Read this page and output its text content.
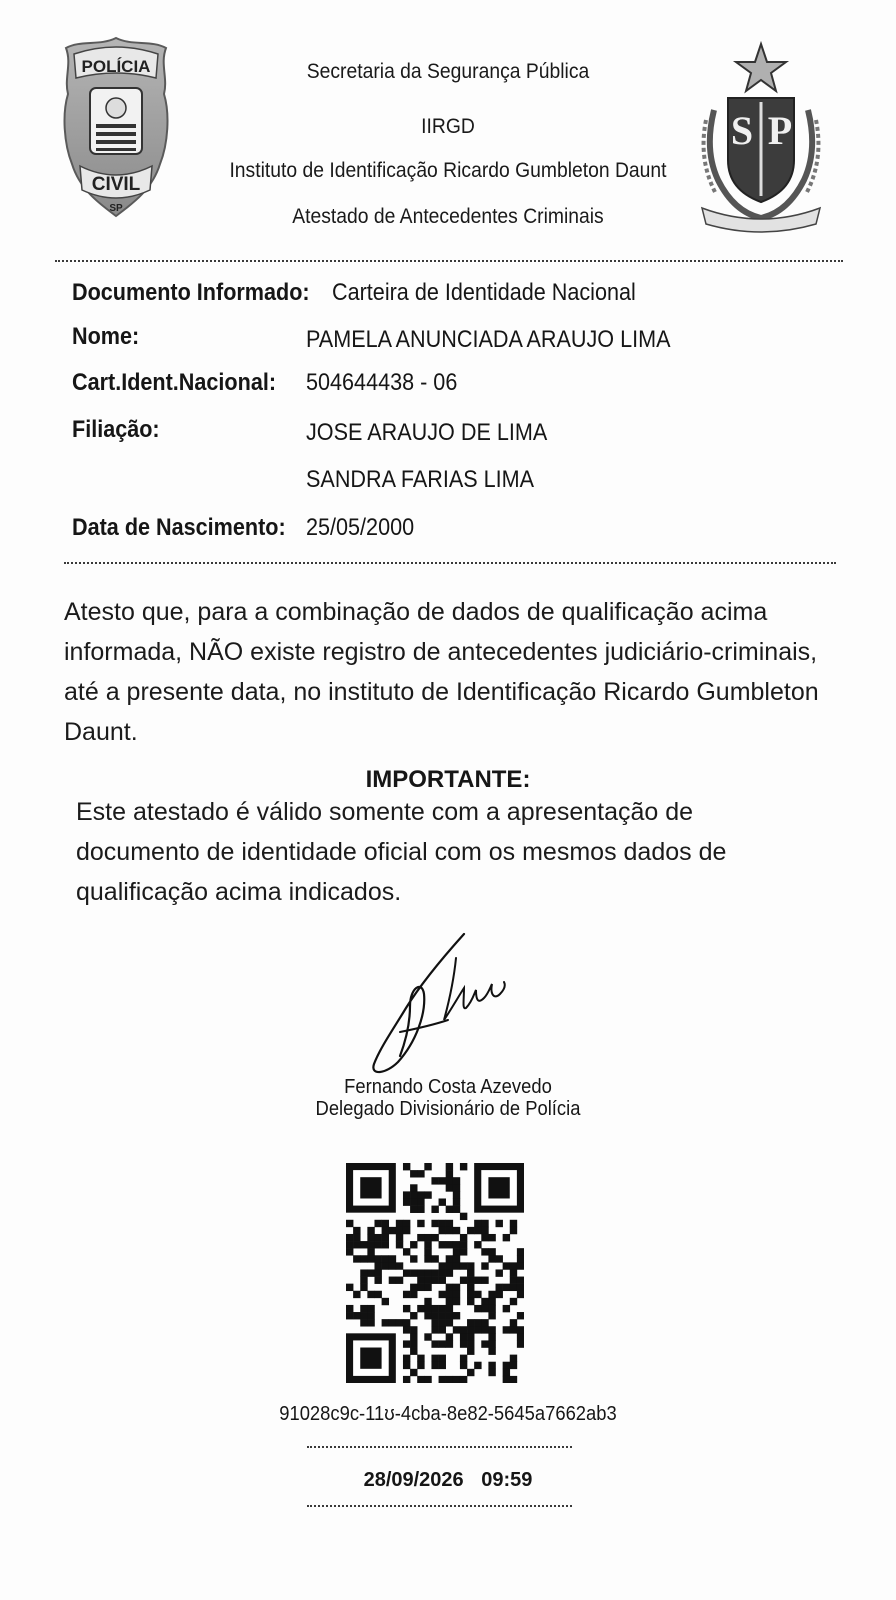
POLÍCIA
CIVIL
SP
S P
Secretaria da Segurança Pública
IIRGD
Instituto de Identificação Ricardo Gumbleton Daunt
Atestado de Antecedentes Criminais
Documento Informado: Carteira de Identidade Nacional
Nome:	PAMELA ANUNCIADA ARAUJO LIMA
Cart.Ident.Nacional: 504644438 - 06
Filiação:	JOSE ARAUJO DE LIMA
SANDRA FARIAS LIMA
Data de Nascimento: 25/05/2000
Atesto que, para a combinação de dados de qualificação acima
informada, NÃO existe registro de antecedentes judiciário-criminais,
até a presente data, no instituto de Identificação Ricardo Gumbleton
Daunt.
IMPORTANTE:
Este atestado é válido somente com a apresentação de
documento de identidade oficial com os mesmos dados de
qualificação acima indicados.
Fernando Costa Azevedo
Delegado Divisionário de Polícia
91028c9c-11ʊ-4cba-8e82-5645a7662ab3
28/09/2026 09:59
